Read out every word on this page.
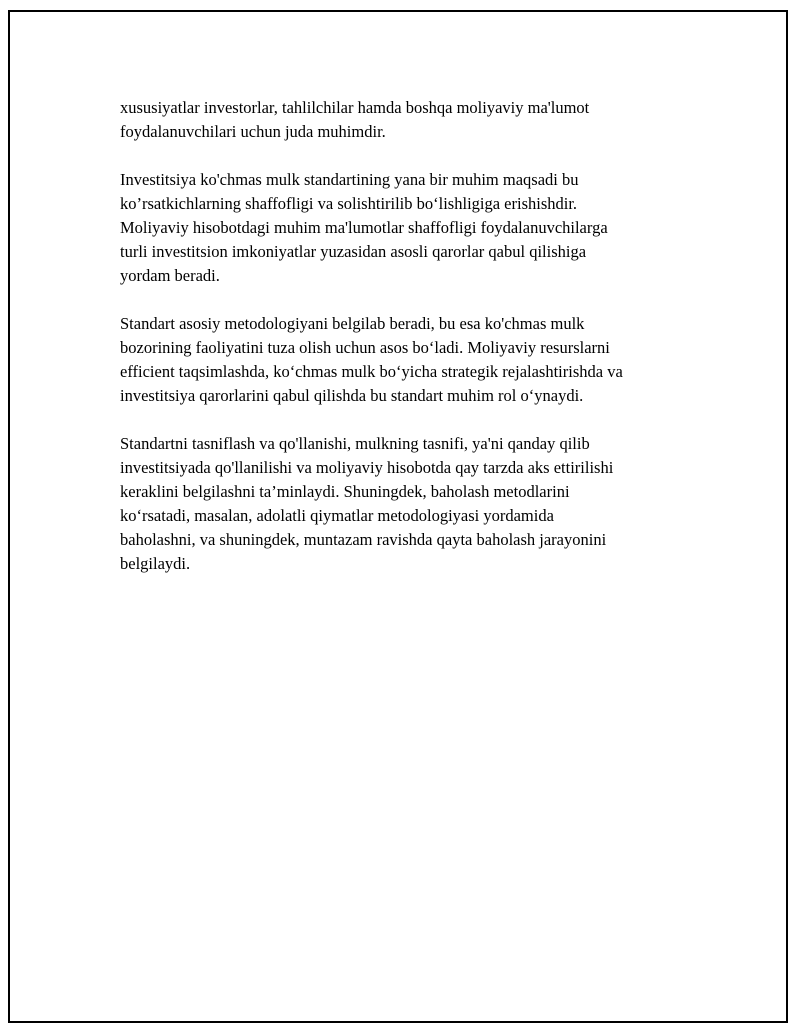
xususiyatlar investorlar, tahlilchilar hamda boshqa moliyaviy ma'lumot
foydalanuvchilari uchun juda muhimdir.

Investitsiya ko'chmas mulk standartining yana bir muhim maqsadi bu
ko’rsatkichlarning shaffofligi va solishtirilib bo‘lishligiga erishishdir.
Moliyaviy hisobotdagi muhim ma'lumotlar shaffofligi foydalanuvchilarga
turli investitsion imkoniyatlar yuzasidan asosli qarorlar qabul qilishiga
yordam beradi.

Standart asosiy metodologiyani belgilab beradi, bu esa ko'chmas mulk
bozorining faoliyatini tuza olish uchun asos bo‘ladi. Moliyaviy resurslarni
efficient taqsimlashda, ko‘chmas mulk bo‘yicha strategik rejalashtirishda va
investitsiya qarorlarini qabul qilishda bu standart muhim rol o‘ynaydi.

Standartni tasniflash va qo'llanishi, mulkning tasnifi, ya'ni qanday qilib
investitsiyada qo'llanilishi va moliyaviy hisobotda qay tarzda aks ettirilishi
keraklini belgilashni ta’minlaydi. Shuningdek, baholash metodlarini
ko‘rsatadi, masalan, adolatli qiymatlar metodologiyasi yordamida
baholashni, va shuningdek, muntazam ravishda qayta baholash jarayonini
belgilaydi.
